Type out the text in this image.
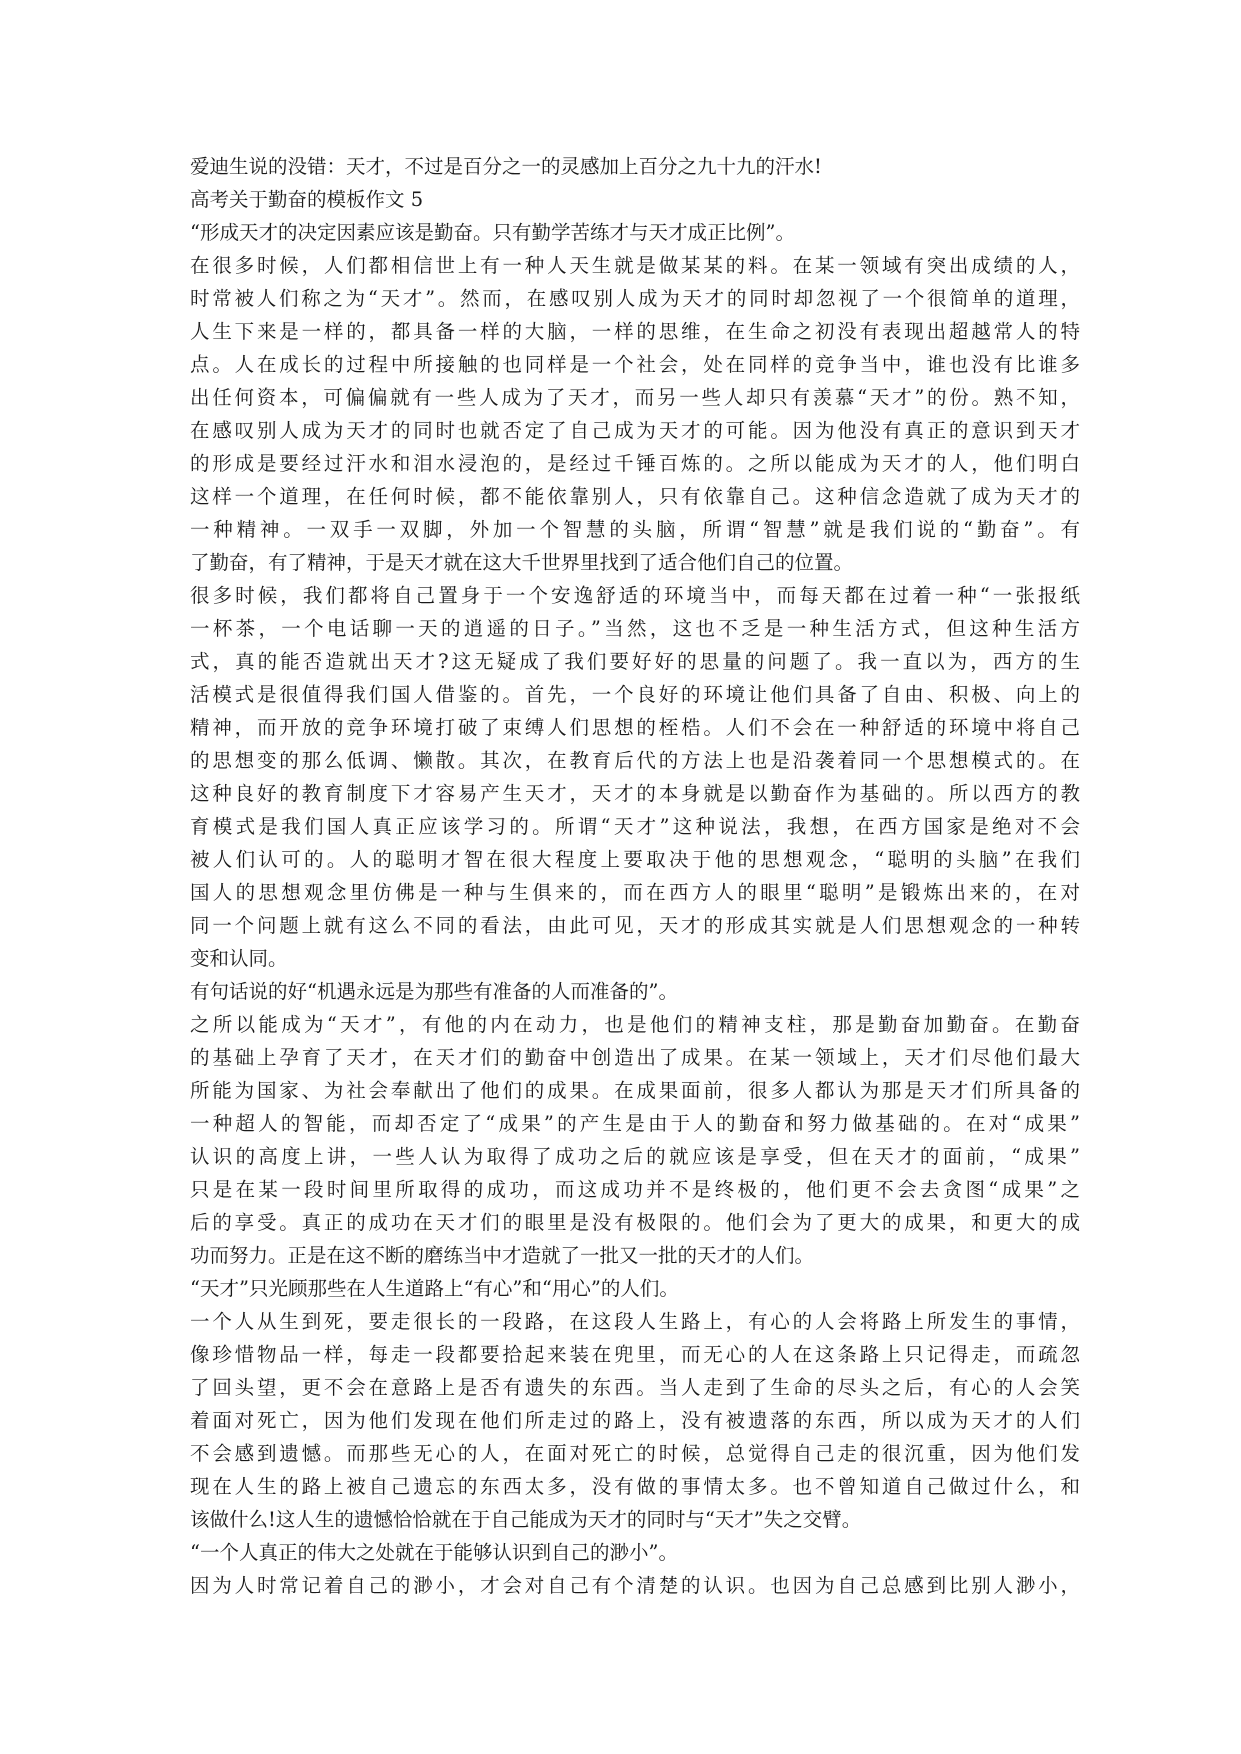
爱迪生说的没错：天才，不过是百分之一的灵感加上百分之九十九的汗水!
高考关于勤奋的模板作文 5
“形成天才的决定因素应该是勤奋。只有勤学苦练才与天才成正比例”。
在很多时候，人们都相信世上有一种人天生就是做某某的料。在某一领域有突出成绩的人，
时常被人们称之为“天才”。然而，在感叹别人成为天才的同时却忽视了一个很简单的道理，
人生下来是一样的，都具备一样的大脑，一样的思维，在生命之初没有表现出超越常人的特
点。人在成长的过程中所接触的也同样是一个社会，处在同样的竞争当中，谁也没有比谁多
出任何资本，可偏偏就有一些人成为了天才，而另一些人却只有羡慕“天才”的份。熟不知，
在感叹别人成为天才的同时也就否定了自己成为天才的可能。因为他没有真正的意识到天才
的形成是要经过汗水和泪水浸泡的，是经过千锤百炼的。之所以能成为天才的人，他们明白
这样一个道理，在任何时候，都不能依靠别人，只有依靠自己。这种信念造就了成为天才的
一种精神。一双手一双脚，外加一个智慧的头脑，所谓“智慧”就是我们说的“勤奋”。有
了勤奋，有了精神，于是天才就在这大千世界里找到了适合他们自己的位置。
很多时候，我们都将自己置身于一个安逸舒适的环境当中，而每天都在过着一种“一张报纸
一杯茶，一个电话聊一天的逍遥的日子。”当然，这也不乏是一种生活方式，但这种生活方
式，真的能否造就出天才?这无疑成了我们要好好的思量的问题了。我一直以为，西方的生
活模式是很值得我们国人借鉴的。首先，一个良好的环境让他们具备了自由、积极、向上的
精神，而开放的竞争环境打破了束缚人们思想的桎梏。人们不会在一种舒适的环境中将自己
的思想变的那么低调、懒散。其次，在教育后代的方法上也是沿袭着同一个思想模式的。在
这种良好的教育制度下才容易产生天才，天才的本身就是以勤奋作为基础的。所以西方的教
育模式是我们国人真正应该学习的。所谓“天才”这种说法，我想，在西方国家是绝对不会
被人们认可的。人的聪明才智在很大程度上要取决于他的思想观念，“聪明的头脑”在我们
国人的思想观念里仿佛是一种与生俱来的，而在西方人的眼里“聪明”是锻炼出来的，在对
同一个问题上就有这么不同的看法，由此可见，天才的形成其实就是人们思想观念的一种转
变和认同。
有句话说的好“机遇永远是为那些有准备的人而准备的”。
之所以能成为“天才”，有他的内在动力，也是他们的精神支柱，那是勤奋加勤奋。在勤奋
的基础上孕育了天才，在天才们的勤奋中创造出了成果。在某一领域上，天才们尽他们最大
所能为国家、为社会奉献出了他们的成果。在成果面前，很多人都认为那是天才们所具备的
一种超人的智能，而却否定了“成果”的产生是由于人的勤奋和努力做基础的。在对“成果”
认识的高度上讲，一些人认为取得了成功之后的就应该是享受，但在天才的面前，“成果”
只是在某一段时间里所取得的成功，而这成功并不是终极的，他们更不会去贪图“成果”之
后的享受。真正的成功在天才们的眼里是没有极限的。他们会为了更大的成果，和更大的成
功而努力。正是在这不断的磨练当中才造就了一批又一批的天才的人们。
“天才”只光顾那些在人生道路上“有心”和“用心”的人们。
一个人从生到死，要走很长的一段路，在这段人生路上，有心的人会将路上所发生的事情，
像珍惜物品一样，每走一段都要拾起来装在兜里，而无心的人在这条路上只记得走，而疏忽
了回头望，更不会在意路上是否有遗失的东西。当人走到了生命的尽头之后，有心的人会笑
着面对死亡，因为他们发现在他们所走过的路上，没有被遗落的东西，所以成为天才的人们
不会感到遗憾。而那些无心的人，在面对死亡的时候，总觉得自己走的很沉重，因为他们发
现在人生的路上被自己遗忘的东西太多，没有做的事情太多。也不曾知道自己做过什么，和
该做什么!这人生的遗憾恰恰就在于自己能成为天才的同时与“天才”失之交臂。
“一个人真正的伟大之处就在于能够认识到自己的渺小”。
因为人时常记着自己的渺小，才会对自己有个清楚的认识。也因为自己总感到比别人渺小，
